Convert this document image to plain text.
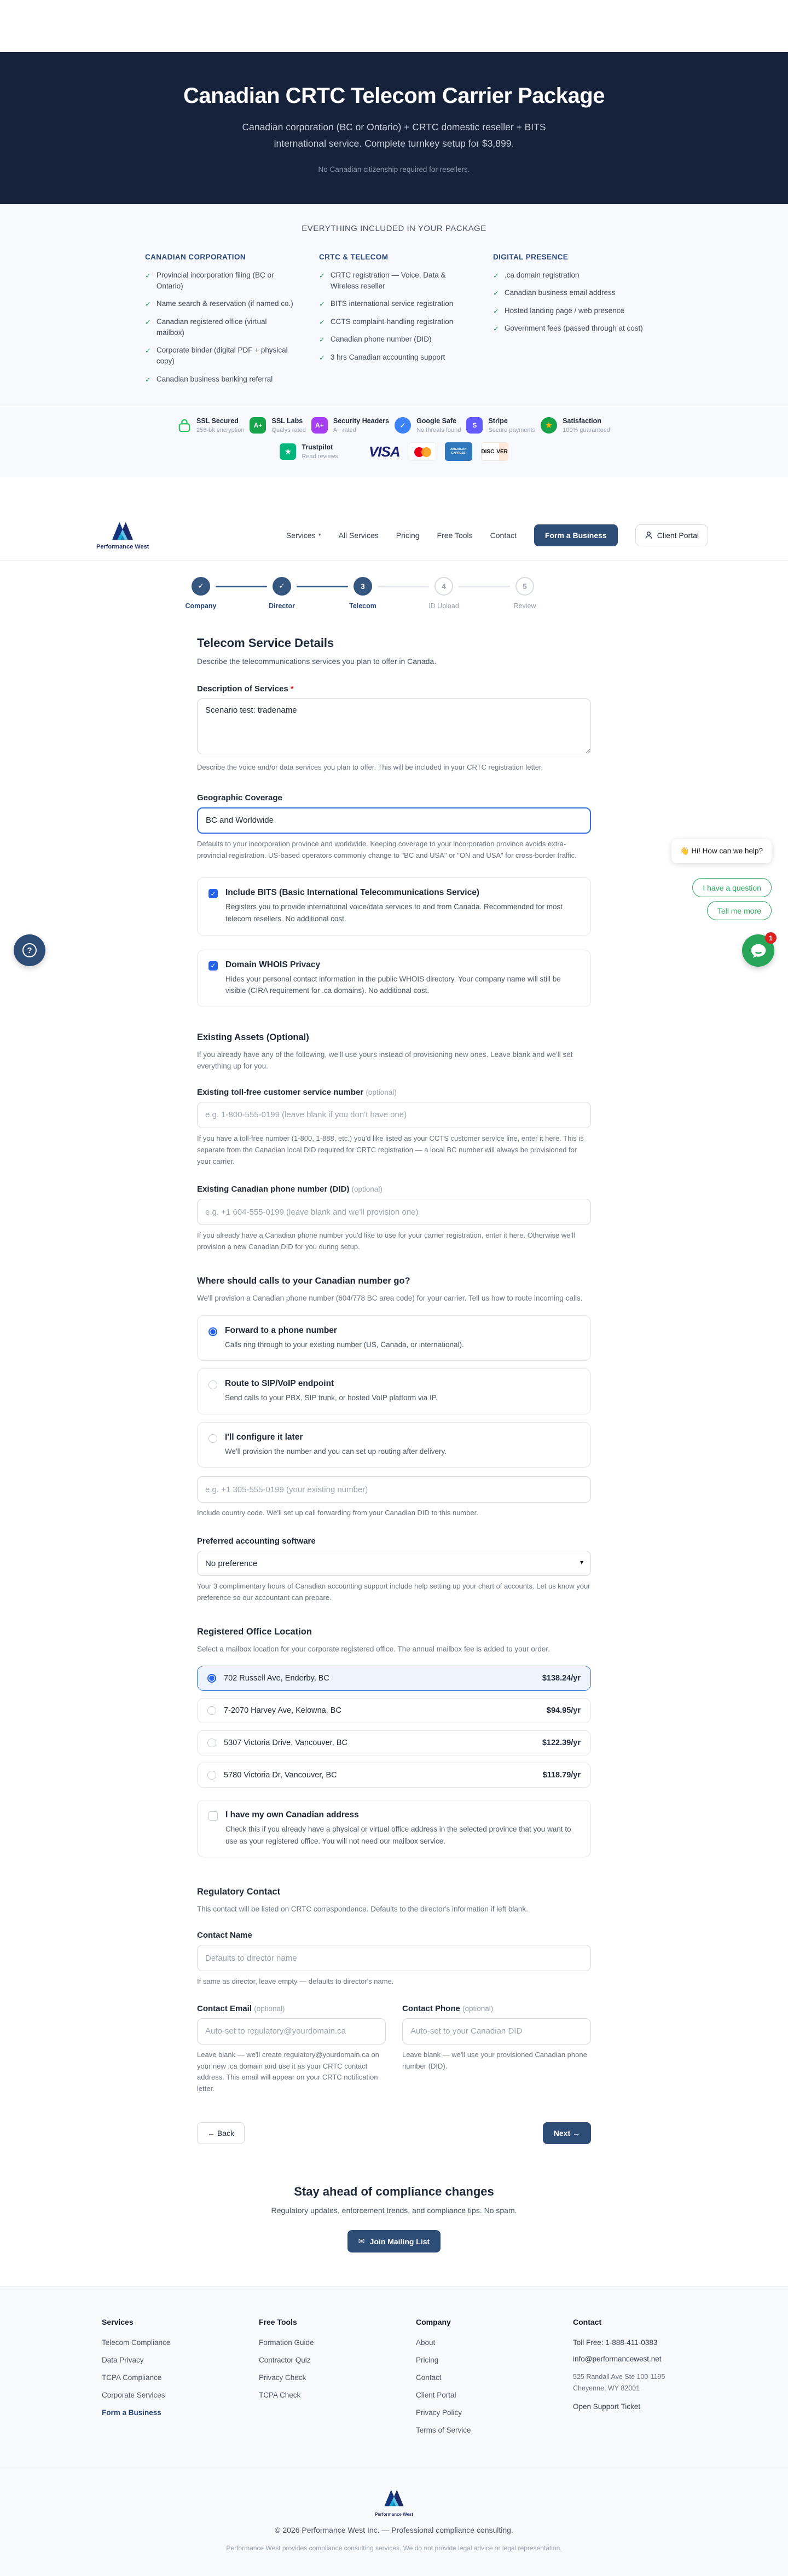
Canadian CRTC Telecom Carrier Package
Canadian corporation (BC or Ontario) + CRTC domestic reseller + BITS international service. Complete turnkey setup for $3,899.
No Canadian citizenship required for resellers.
EVERYTHING INCLUDED IN YOUR PACKAGE
CANADIAN CORPORATION
✓ Provincial incorporation filing (BC or Ontario)
✓ Name search & reservation (if named co.)
✓ Canadian registered office (virtual mailbox)
✓ Corporate binder (digital PDF + physical copy)
✓ Canadian business banking referral
CRTC & TELECOM
✓ CRTC registration — Voice, Data & Wireless reseller
✓ BITS international service registration
✓ CCTS complaint-handling registration
✓ Canadian phone number (DID)
✓ 3 hrs Canadian accounting support
DIGITAL PRESENCE
✓ .ca domain registration
✓ Canadian business email address
✓ Hosted landing page / web presence
✓ Government fees (passed through at cost)
SSL Secured
256-bit encryption
A+
SSL Labs
Qualys rated
A+
Security Headers
A+ rated
✓	Google Safe
No threats found
S
Stripe
Secure payments	★	Satisfaction
100% guaranteed
★	Trustpilot
Read reviews VISA	AMERICAN EXPRESS	DISC VER
Performance West
Services ▾ All Services Pricing Free Tools Contact	Form a Business	Client Portal
✓
Company
✓
Director
3
Telecom
4
ID Upload
5
Review
Telecom Service Details
Describe the telecommunications services you plan to offer in Canada.
Description of Services *
Scenario test: tradename
Describe the voice and/or data services you plan to offer. This will be included in your CRTC registration letter.
Geographic Coverage
BC and Worldwide
Defaults to your incorporation province and worldwide. Keeping coverage to your incorporation province avoids extra-provincial registration. US-based operators commonly change to "BC and USA" or "ON and USA" for cross-border traffic.
✓ Include BITS (Basic International Telecommunications Service)
Registers you to provide international voice/data services to and from Canada. Recommended for most telecom resellers. No additional cost.
✓ Domain WHOIS Privacy
Hides your personal contact information in the public WHOIS directory. Your company name will still be visible (CIRA requirement for .ca domains). No additional cost.
Existing Assets (Optional)
If you already have any of the following, we'll use yours instead of provisioning new ones. Leave blank and we'll set everything up for you.
Existing toll-free customer service number (optional)
e.g. 1-800-555-0199 (leave blank if you don't have one)
If you have a toll-free number (1-800, 1-888, etc.) you'd like listed as your CCTS customer service line, enter it here. This is separate from the Canadian local DID required for CRTC registration — a local BC number will always be provisioned for your carrier.
Existing Canadian phone number (DID) (optional)
e.g. +1 604-555-0199 (leave blank and we'll provision one)
If you already have a Canadian phone number you'd like to use for your carrier registration, enter it here. Otherwise we'll provision a new Canadian DID for you during setup.
Where should calls to your Canadian number go?
We'll provision a Canadian phone number (604/778 BC area code) for your carrier. Tell us how to route incoming calls.
Forward to a phone number
Calls ring through to your existing number (US, Canada, or international).
Route to SIP/VoIP endpoint
Send calls to your PBX, SIP trunk, or hosted VoIP platform via IP.
I'll configure it later
We'll provision the number and you can set up routing after delivery.
e.g. +1 305-555-0199 (your existing number)
Include country code. We'll set up call forwarding from your Canadian DID to this number.
Preferred accounting software
No preference	▾
Your 3 complimentary hours of Canadian accounting support include help setting up your chart of accounts. Let us know your preference so our accountant can prepare.
Registered Office Location
Select a mailbox location for your corporate registered office. The annual mailbox fee is added to your order.
702 Russell Ave, Enderby, BC	$138.24/yr
7-2070 Harvey Ave, Kelowna, BC	$94.95/yr
5307 Victoria Drive, Vancouver, BC	$122.39/yr
5780 Victoria Dr, Vancouver, BC	$118.79/yr
I have my own Canadian address
Check this if you already have a physical or virtual office address in the selected province that you want to use as your registered office. You will not need our mailbox service.
Regulatory Contact
This contact will be listed on CRTC correspondence. Defaults to the director's information if left blank.
Contact Name
Defaults to director name
If same as director, leave empty — defaults to director's name.
Contact Email (optional)
Auto-set to regulatory@yourdomain.ca
Leave blank — we'll create regulatory@yourdomain.ca on your new .ca domain and use it as your CRTC contact address. This email will appear on your CRTC notification letter.
Contact Phone (optional)
Auto-set to your Canadian DID
Leave blank — we'll use your provisioned Canadian phone number (DID).
← Back	Next →
Stay ahead of compliance changes
Regulatory updates, enforcement trends, and compliance tips. No spam.
✉ Join Mailing List
Services
Telecom Compliance
Data Privacy
TCPA Compliance
Corporate Services
Form a Business
Free Tools
Formation Guide
Contractor Quiz
Privacy Check
TCPA Check
Company
About
Pricing
Contact
Client Portal
Privacy Policy
Terms of Service
Contact
Toll Free: 1-888-411-0383
info@performancewest.net
525 Randall Ave Ste 100-1195
Cheyenne, WY 82001
Open Support Ticket
Performance West
© 2026 Performance West Inc. — Professional compliance consulting.
Performance West provides compliance consulting services. We do not provide legal advice or legal representation.
?
👋 Hi! How can we help?
I have a question
Tell me more
1
